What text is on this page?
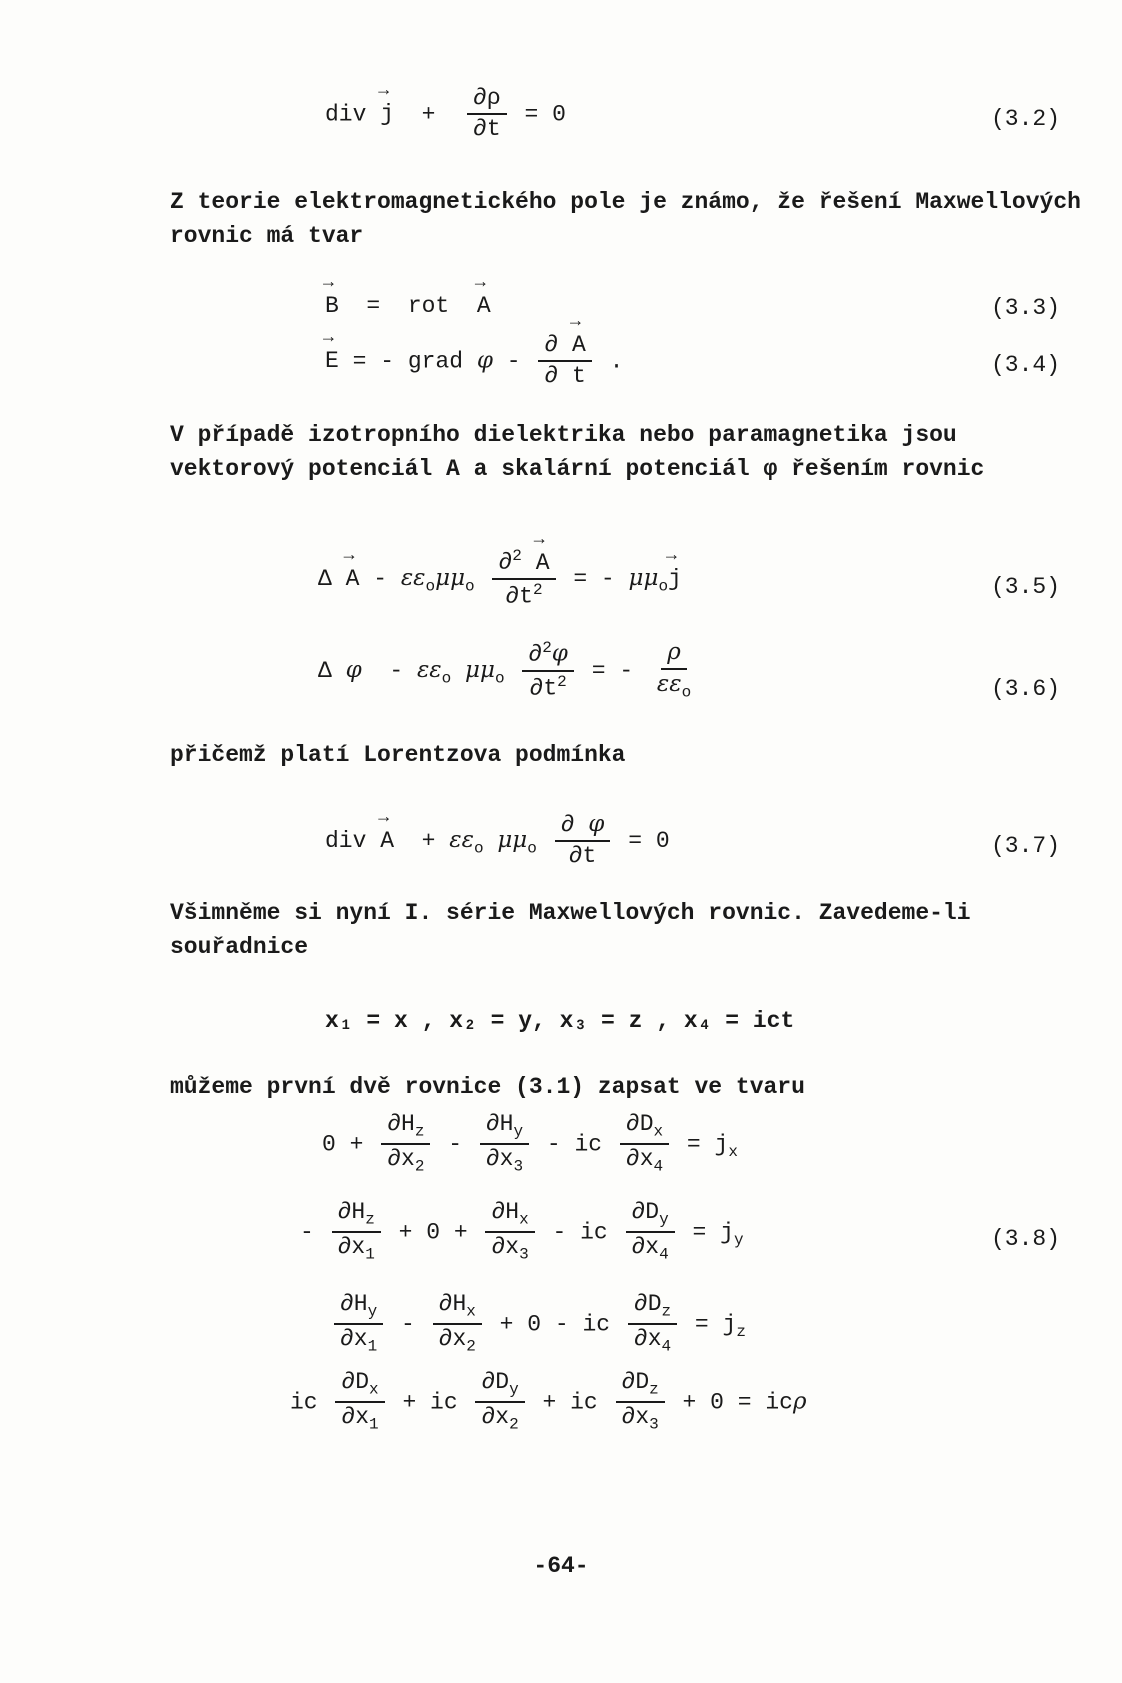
div → $j + \frac{\partial\rho}{\partial t} = 0$	(3.2)
Z teorie elektromagnetického pole je známo, že řešení Maxwellových rovnic má tvar
→ B  =  rot  → A	(3.3)
→ E = - grad φ - $\frac{\partial \to A}{\partial t}$ .	(3.4)
V případě izotropního dielektrika nebo paramagnetika jsou vektorový potenciál A a skalární potenciál φ řešením rovnic
$\Delta \to A - \varepsilon\varepsilon_o\mu\mu_o \frac{\partial^2 \to A}{\partial t^2}$ = - $\mu\mu_o\to j$	(3.5)
Δ φ  - $\varepsilon\varepsilon_o$ $\mu\mu_o \frac{\partial^2\varphi}{\partial t^2}$ = - $\frac{\rho}{\varepsilon\varepsilon_o}$	(3.6)
přičemž platí Lorentzova podmínka
div → $A + \varepsilon\varepsilon_o$ $\mu\mu_o \frac{\partial \varphi}{\partial t} = 0$	(3.7)
Všimněme si nyní I. série Maxwellových rovnic. Zavedeme-li souřadnice
x₁ = x , x₂ = y, x₃ = z , x₄ = ict
můžeme první dvě rovnice (3.1) zapsat ve tvaru
$0 + \frac{\partial H_z}{\partial x_2} - \frac{\partial H_y}{\partial x_3}$ - ic $\frac{\partial D_x}{\partial x_4} = j_x$
- $\frac{\partial H_z}{\partial x_1} + 0 + \frac{\partial H_x}{\partial x_3}$ - ic $\frac{\partial D_y}{\partial x_4} = j_y$	(3.8)
$\frac{\partial H_y}{\partial x_1} - \frac{\partial H_x}{\partial x_2} + 0$ - ic $\frac{\partial D_z}{\partial x_4} = j_z$
ic $\frac{\partial D_x}{\partial x_1}$ + ic $\frac{\partial D_y}{\partial x_2}$ + ic $\frac{\partial D_z}{\partial x_3} + 0 = ic\rho$
-64-
